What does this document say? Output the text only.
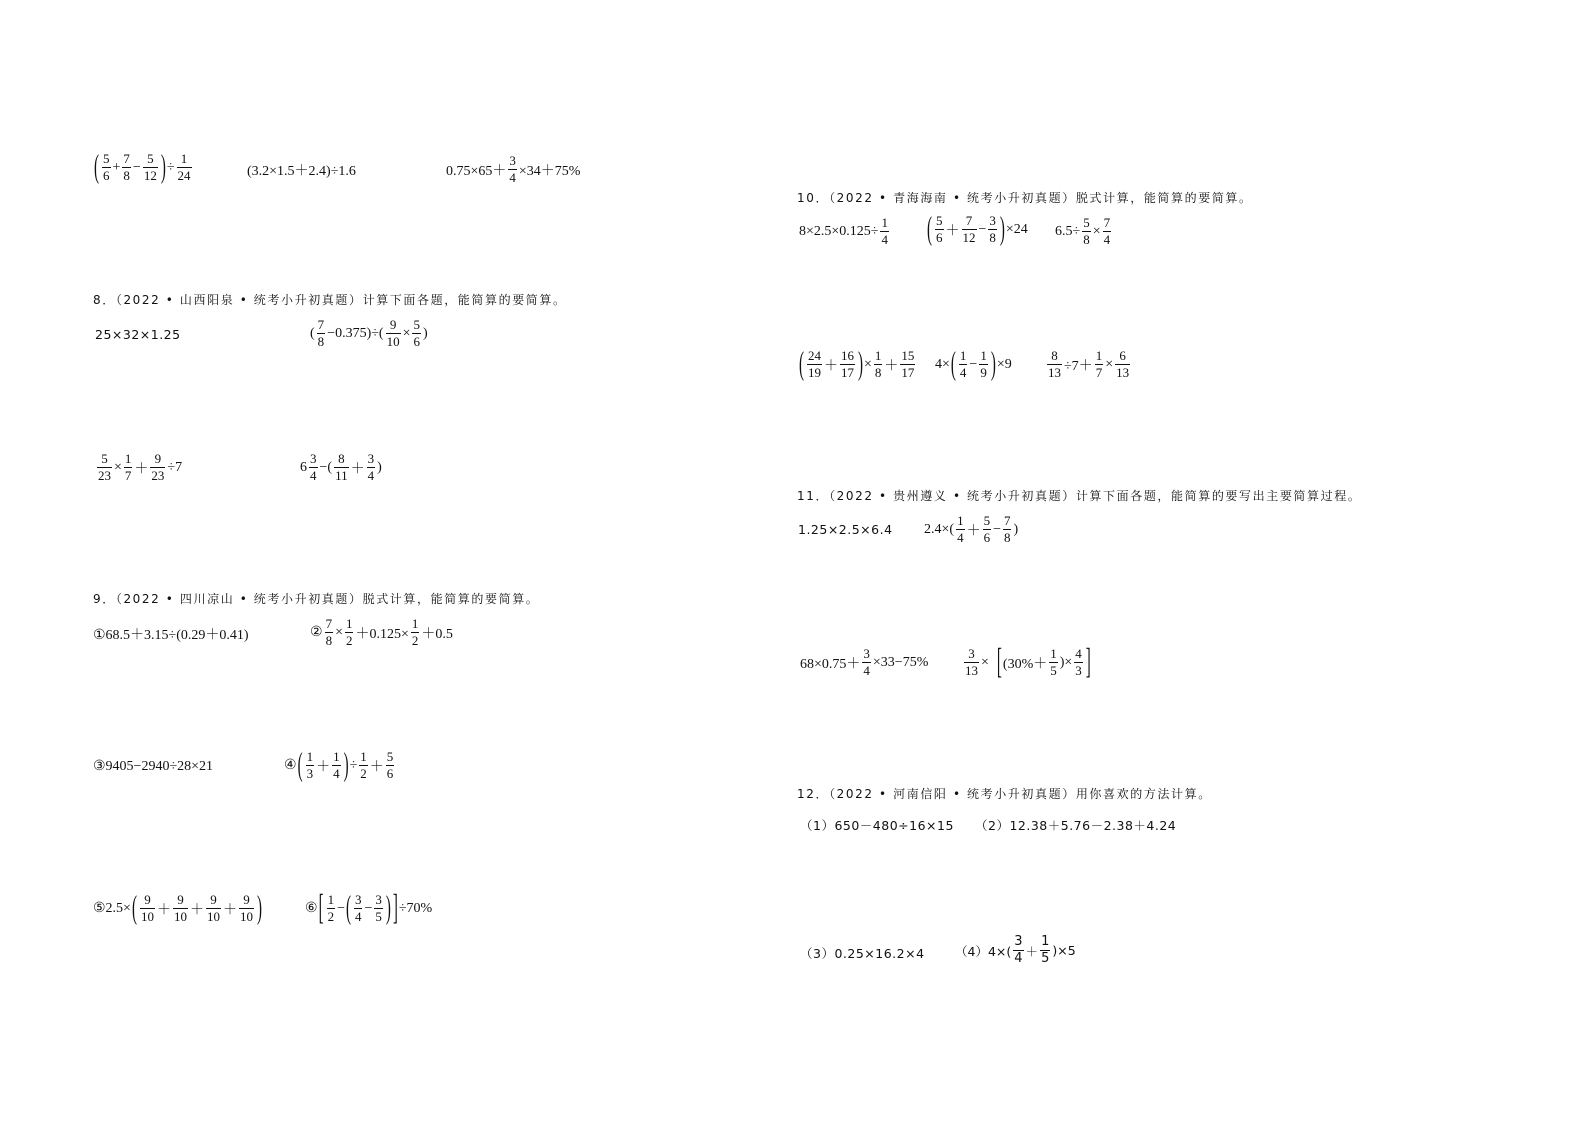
( 5
6
+ $\frac{7}{8} - \frac{5}{12}$ ) ÷ $\frac{1}{24}$	(3.2×1.5＋2.4)÷1.6	$0.75\times 65+ \frac{3}{4} \times 34+75\%$
8．（2022 • 山西阳泉 • 统考小升初真题）计算下面各题，能简算的要简算。
25×32×1.25	(
7
8
$-0.375)\div( \frac{9}{10} \times \frac{5}{6}$ )
$\frac{5}{23} \times \frac{1}{7} + \frac{9}{23} \div 7$	6
3
4
−(
8
11 ＋
3
4
)
9．（2022 • 四川凉山 • 统考小升初真题）脱式计算，能简算的要简算。
①68.5＋3.15÷(0.29＋0.41)	② $\frac{7}{8} \times \frac{1}{2} +0.125\times \frac{1}{2} +0.5$
③9405−2940÷28×21	④ ( 1
3 ＋
1
4 ) ÷ $\frac{1}{2}$ ＋
5
6
⑤2.5× ( 9
10 ＋
9
10 ＋
9
10 ＋
9
10 )	⑥ [ 1
2
− ( 3
4
− $\frac{3}{5}$ ) ] ÷70%
10．（2022 • 青海海南 • 统考小升初真题）脱式计算，能简算的要简算。
$8\times 2.5\times 0.125\div \frac{1}{4}$	( 5
6 ＋
7
12
− $\frac{3}{8}$ ) ×24 $6.5\div \frac{5}{8} \times \frac{7}{4}$
( 24
19 ＋
16
17 ) × $\frac{1}{8}$ ＋
15
17
4× ( 1
4
− $\frac{1}{9}$ ) ×9	$\frac{8}{13} \div 7+ \frac{1}{7} \times \frac{6}{13}$
11．（2022 • 贵州遵义 • 统考小升初真题）计算下面各题，能简算的要写出主要简算过程。
1.25×2.5×6.4 2.4×(
1
4 ＋
5
6
− $\frac{7}{8}$ )
$68\times 0.75+ \frac{3}{4} \times 33-75\%$	$\frac{3}{13}$ × [ (30%＋
1
5
)× $\frac{4}{3}$ ]
12．（2022 • 河南信阳 • 统考小升初真题）用你喜欢的方法计算。
（1）650－480÷16×15 （2）12.38＋5.76－2.38＋4.24
（3）0.25×16.2×4 （4）4×(
3
4 ＋
1
5
)×5
